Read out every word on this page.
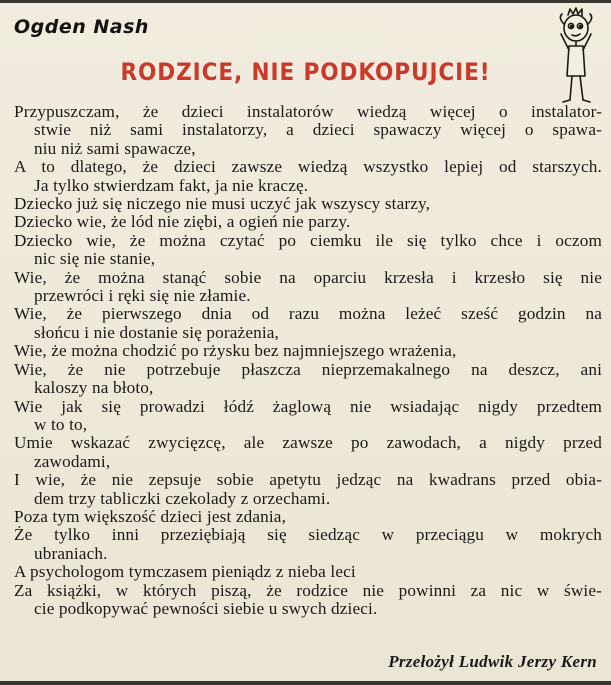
Ogden Nash
RODZICE, NIE PODKOPUJCIE!
Przypuszczam, że dzieci instalatorów wiedzą więcej o instalator-
stwie niż sami instalatorzy, a dzieci spawaczy więcej o spawa-
niu niż sami spawacze,
A to dlatego, że dzieci zawsze wiedzą wszystko lepiej od starszych.
Ja tylko stwierdzam fakt, ja nie kraczę.
Dziecko już się niczego nie musi uczyć jak wszyscy starzy,
Dziecko wie, że lód nie ziębi, a ogień nie parzy.
Dziecko wie, że można czytać po ciemku ile się tylko chce i oczom
nic się nie stanie,
Wie, że można stanąć sobie na oparciu krzesła i krzesło się nie
przewróci i ręki się nie złamie.
Wie, że pierwszego dnia od razu można leżeć sześć godzin na
słońcu i nie dostanie się porażenia,
Wie, że można chodzić po rżysku bez najmniejszego wrażenia,
Wie, że nie potrzebuje płaszcza nieprzemakalnego na deszcz, ani
kaloszy na błoto,
Wie jak się prowadzi łódź żaglową nie wsiadając nigdy przedtem
w to to,
Umie wskazać zwycięzcę, ale zawsze po zawodach, a nigdy przed
zawodami,
I wie, że nie zepsuje sobie apetytu jedząc na kwadrans przed obia-
dem trzy tabliczki czekolady z orzechami.
Poza tym większość dzieci jest zdania,
Że tylko inni przeziębiają się siedząc w przeciągu w mokrych
ubraniach.
A psychologom tymczasem pieniądz z nieba leci
Za książki, w których piszą, że rodzice nie powinni za nic w świe-
cie podkopywać pewności siebie u swych dzieci.
Przełożył Ludwik Jerzy Kern
